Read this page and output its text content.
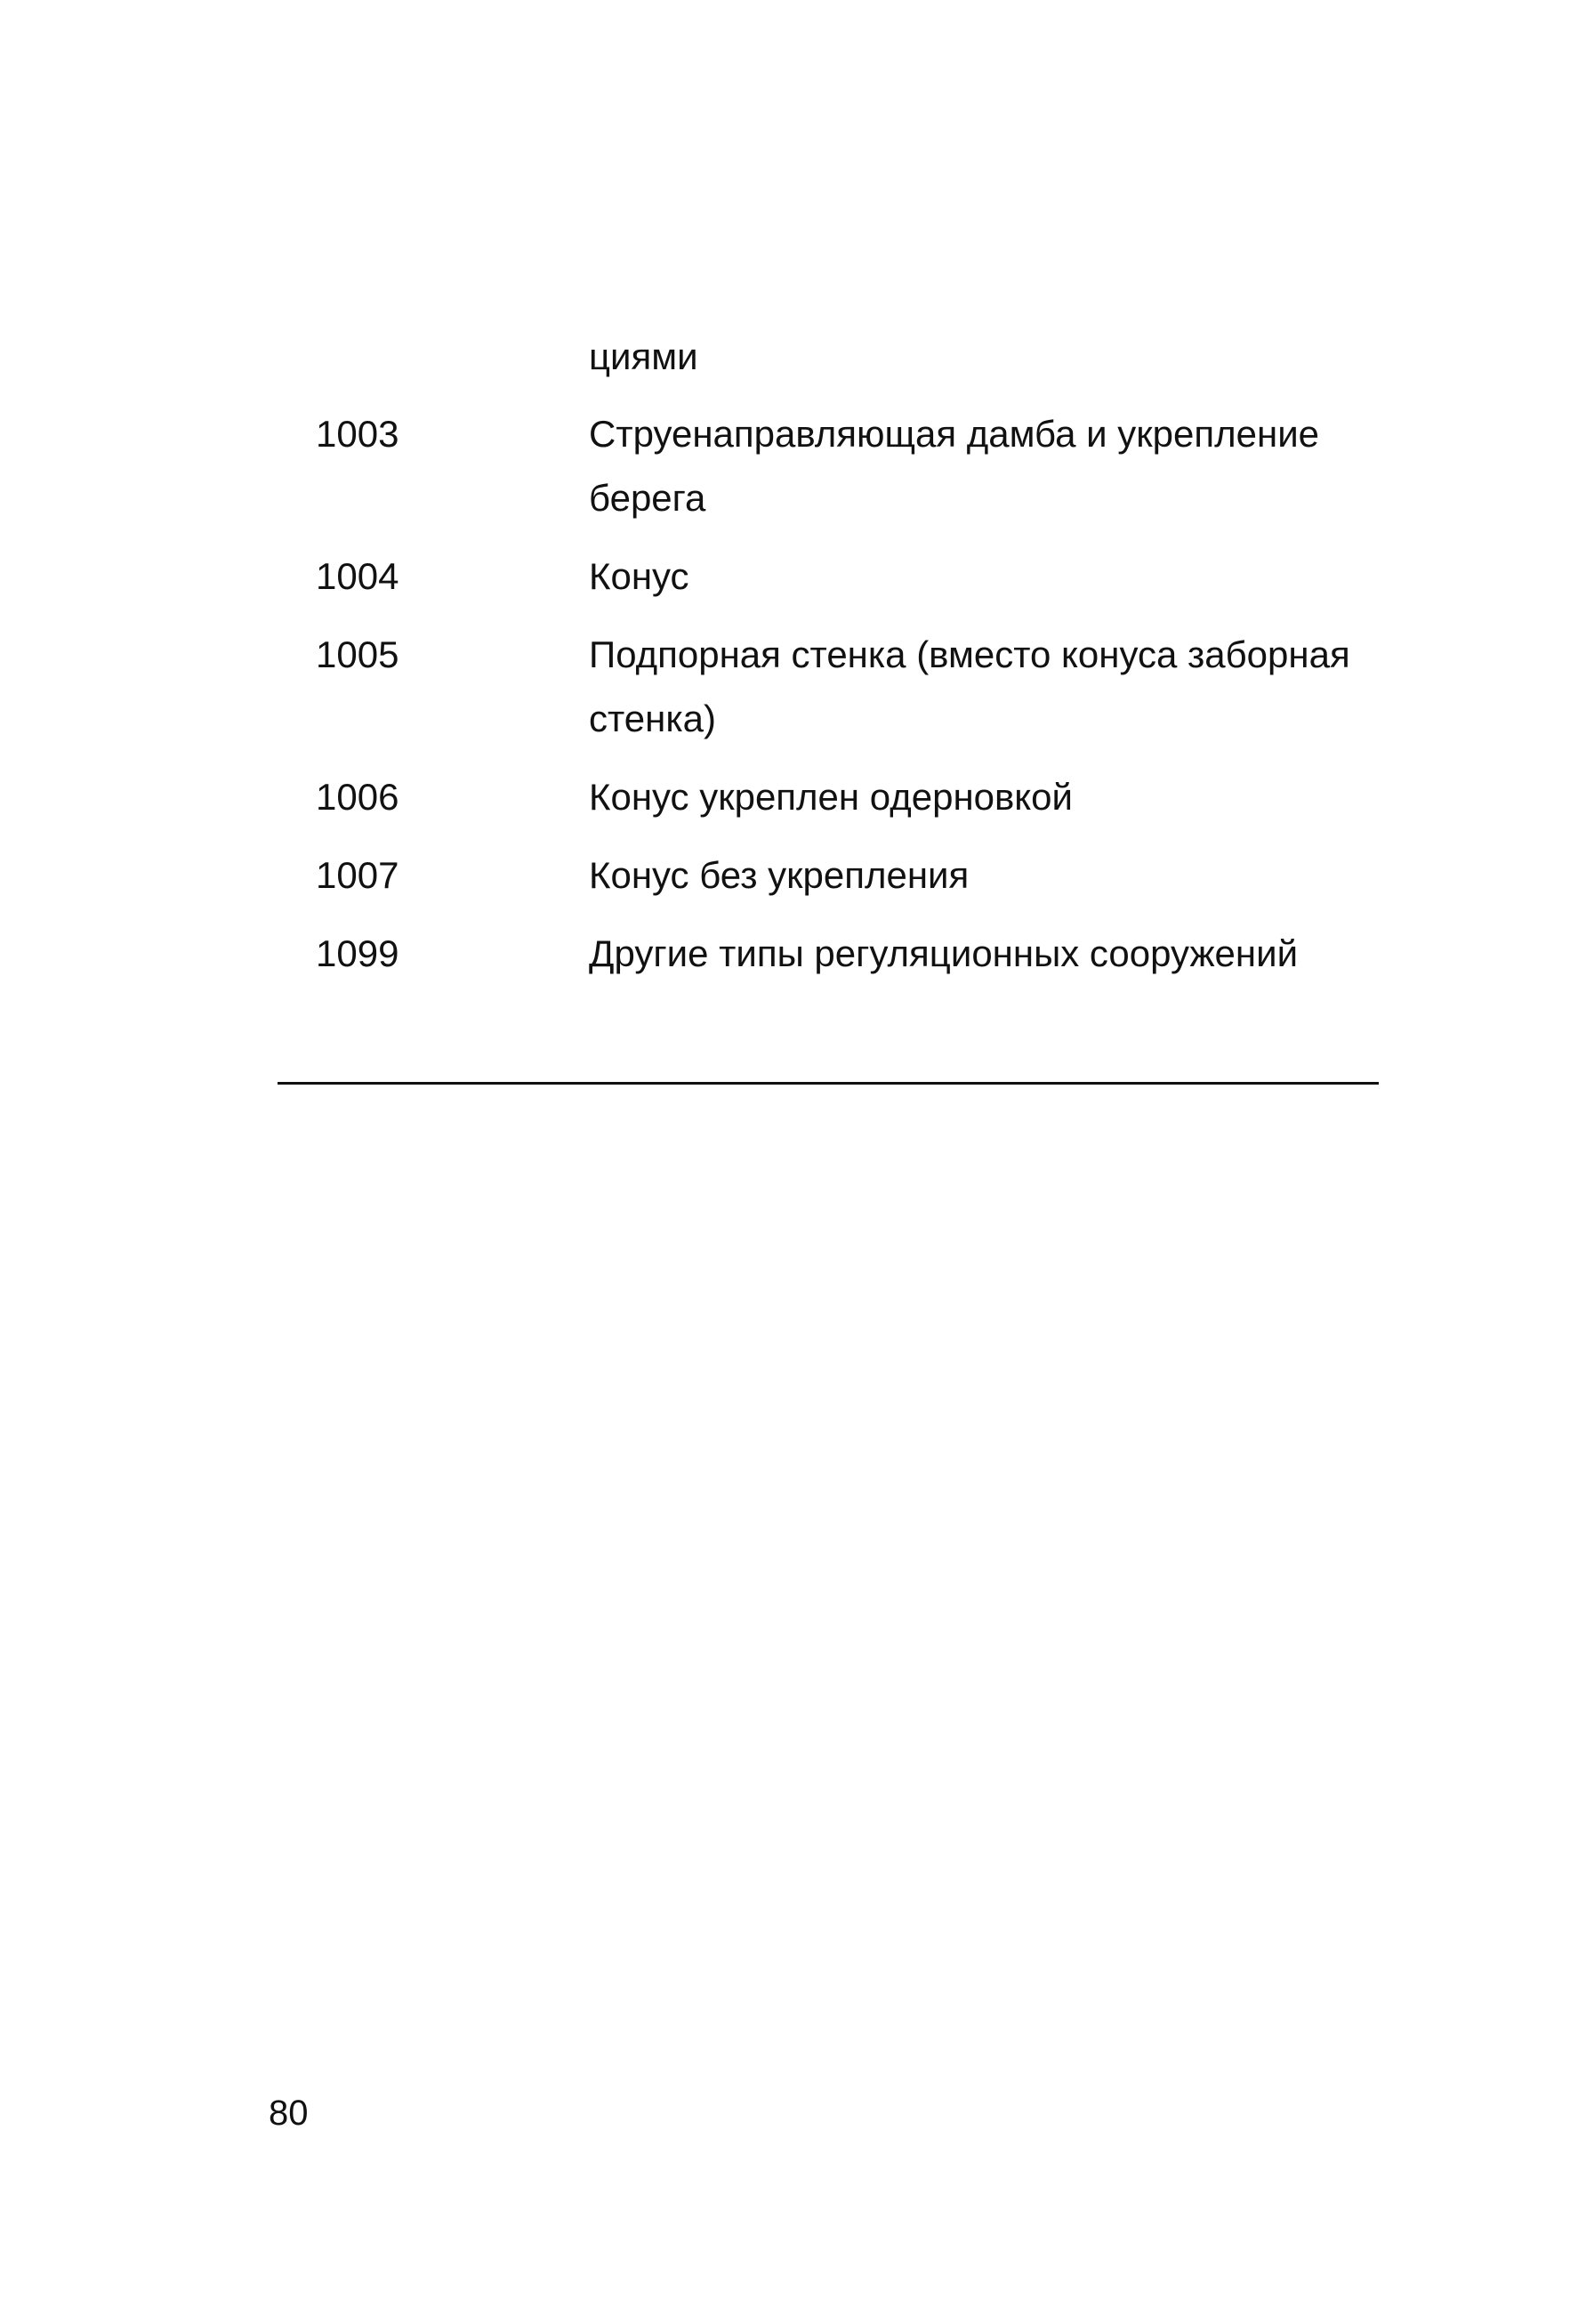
циями

1003	Струенаправляющая дамба и укрепление берега
1004	Конус
1005	Подпорная стенка (вместо конуса заборная стенка)
1006	Конус укреплен одерновкой
1007	Конус без укрепления
1099	Другие типы регуляционных сооружений
80
